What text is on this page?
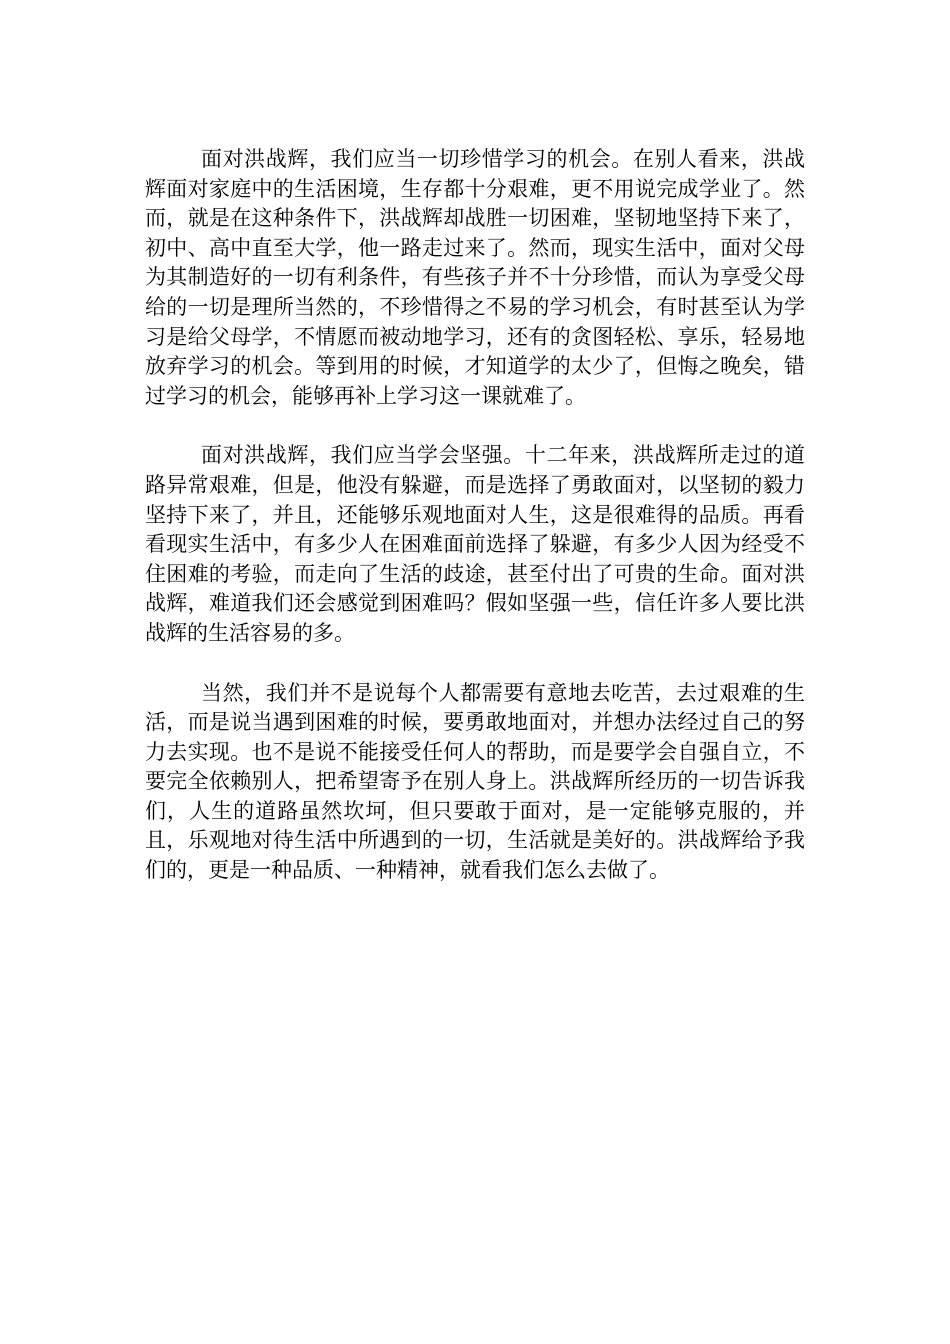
面对洪战辉，我们应当一切珍惜学习的机会。在别人看来，洪战辉面对家庭中的生活困境，生存都十分艰难，更不用说完成学业了。然而，就是在这种条件下，洪战辉却战胜一切困难，坚韧地坚持下来了，初中、高中直至大学，他一路走过来了。然而，现实生活中，面对父母为其制造好的一切有利条件，有些孩子并不十分珍惜，而认为享受父母给的一切是理所当然的，不珍惜得之不易的学习机会，有时甚至认为学习是给父母学，不情愿而被动地学习，还有的贪图轻松、享乐，轻易地放弃学习的机会。等到用的时候，才知道学的太少了，但悔之晚矣，错过学习的机会，能够再补上学习这一课就难了。

面对洪战辉，我们应当学会坚强。十二年来，洪战辉所走过的道路异常艰难，但是，他没有躲避，而是选择了勇敢面对，以坚韧的毅力坚持下来了，并且，还能够乐观地面对人生，这是很难得的品质。再看看现实生活中，有多少人在困难面前选择了躲避，有多少人因为经受不住困难的考验，而走向了生活的歧途，甚至付出了可贵的生命。面对洪战辉，难道我们还会感觉到困难吗？假如坚强一些，信任许多人要比洪战辉的生活容易的多。

当然，我们并不是说每个人都需要有意地去吃苦，去过艰难的生活，而是说当遇到困难的时候，要勇敢地面对，并想办法经过自己的努力去实现。也不是说不能接受任何人的帮助，而是要学会自强自立，不要完全依赖别人，把希望寄予在别人身上。洪战辉所经历的一切告诉我们，人生的道路虽然坎坷，但只要敢于面对，是一定能够克服的，并且，乐观地对待生活中所遇到的一切，生活就是美好的。洪战辉给予我们的，更是一种品质、一种精神，就看我们怎么去做了。
